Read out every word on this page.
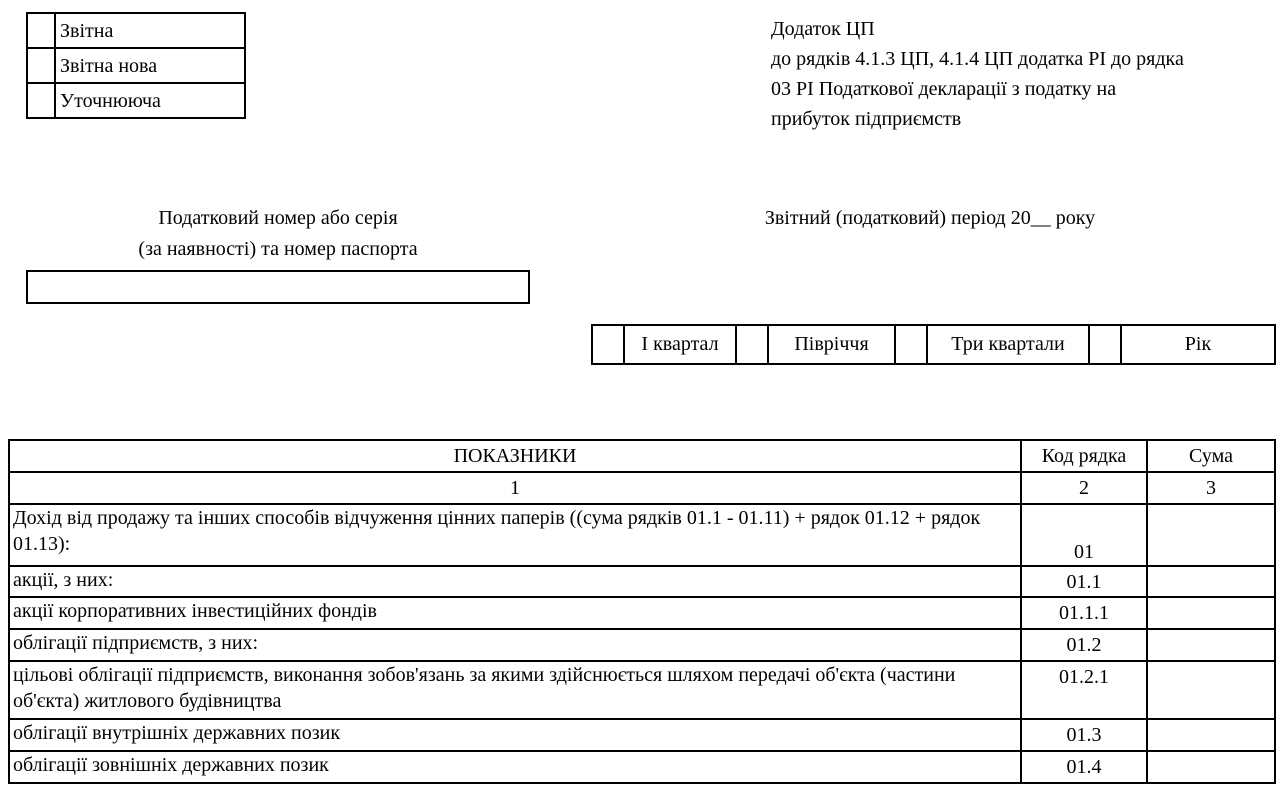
	Звітна
	Звітна нова
	Уточнююча
Додаток ЦП
до рядків 4.1.3 ЦП, 4.1.4 ЦП додатка РІ до рядка
03 РІ Податкової декларації з податку на
прибуток підприємств
Податковий номер або серія
(за наявності) та номер паспорта
Звітний (податковий) період 20__ року
	І квартал		Півріччя		Три квартали		Рік
ПОКАЗНИКИ	Код рядка	Сума
1	2	3
Дохід від продажу та інших способів відчуження цінних паперів ((сума рядків 01.1 - 01.11) + рядок 01.12 + рядок 01.13):	01	
акції, з них:	01.1	
акції корпоративних інвестиційних фондів	01.1.1	
облігації підприємств, з них:	01.2	
цільові облігації підприємств, виконання зобов'язань за якими здійснюється шляхом передачі об'єкта (частини об'єкта) житлового будівництва	01.2.1	
облігації внутрішніх державних позик	01.3	
облігації зовнішніх державних позик	01.4	
